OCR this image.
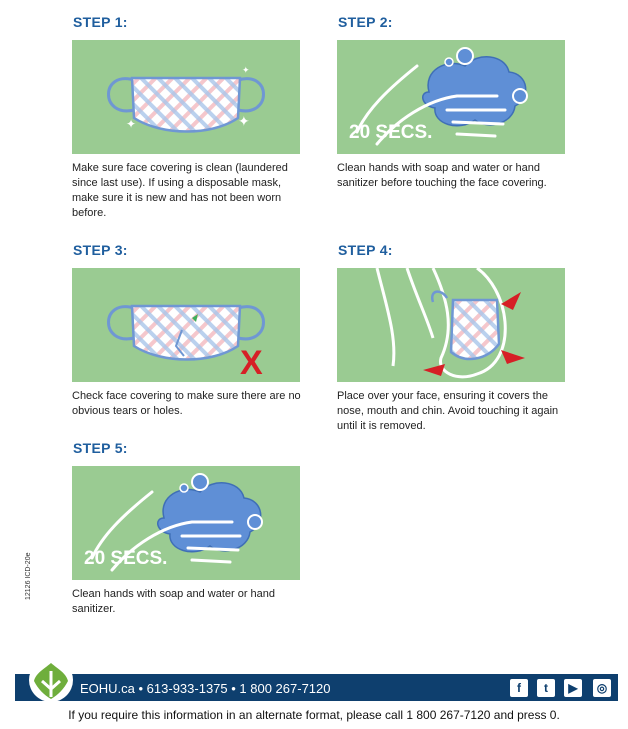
STEP 1:
✦	✦
✦
Make sure face covering is clean (laundered since last use). If using a disposable mask, make sure it is new and has not been worn before.
STEP 2:
20 SECS.
Clean hands with soap and water or hand sanitizer before touching the face covering.
STEP 3:
X
Check face covering to make sure there are no obvious tears or holes.
STEP 4:
Place over your face, ensuring it covers the nose, mouth and chin. Avoid touching it again until it is removed.
STEP 5:
20 SECS.
Clean hands with soap and water or hand sanitizer.
12126 ICD-20e
EOHU.ca • 613-933-1375 • 1 800 267-7120	f	t	▶	◎
If you require this information in an alternate format, please call 1 800 267-7120 and press 0.
